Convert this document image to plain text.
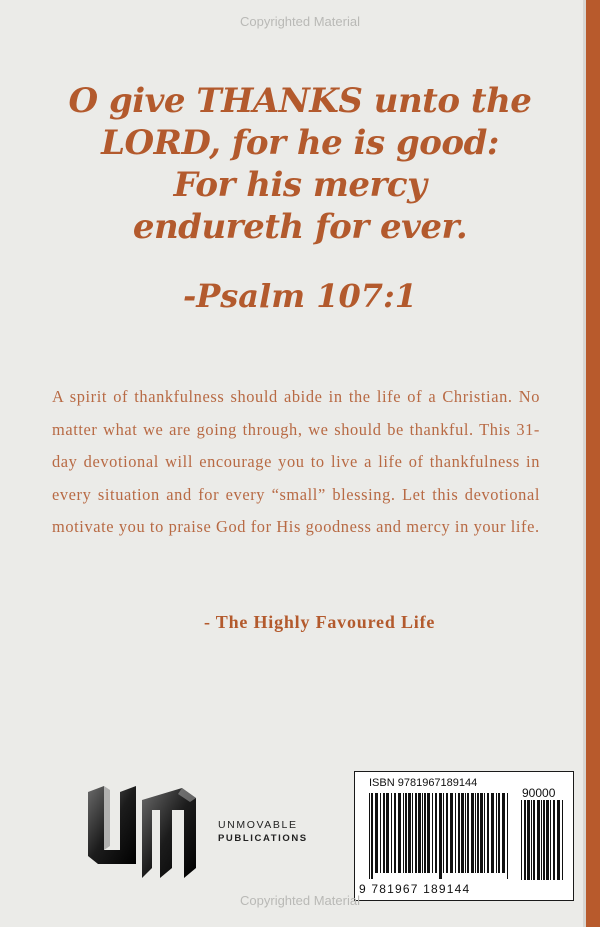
Copyrighted Material
O give THANKS unto the
LORD, for he is good:
For his mercy
endureth for ever.
-Psalm 107:1
A spirit of thankfulness should abide in the life of a Christian. No matter what we are going through, we should be thankful. This 31-day devotional will encourage you to live a life of thankfulness in every situation and for every “small” blessing. Let this devotional motivate you to praise God for His goodness and mercy in your life.
- The Highly Favoured Life
UNMOVABLE
PUBLICATIONS
ISBN 9781967189144
90000
9 781967 189144
Copyrighted Material
